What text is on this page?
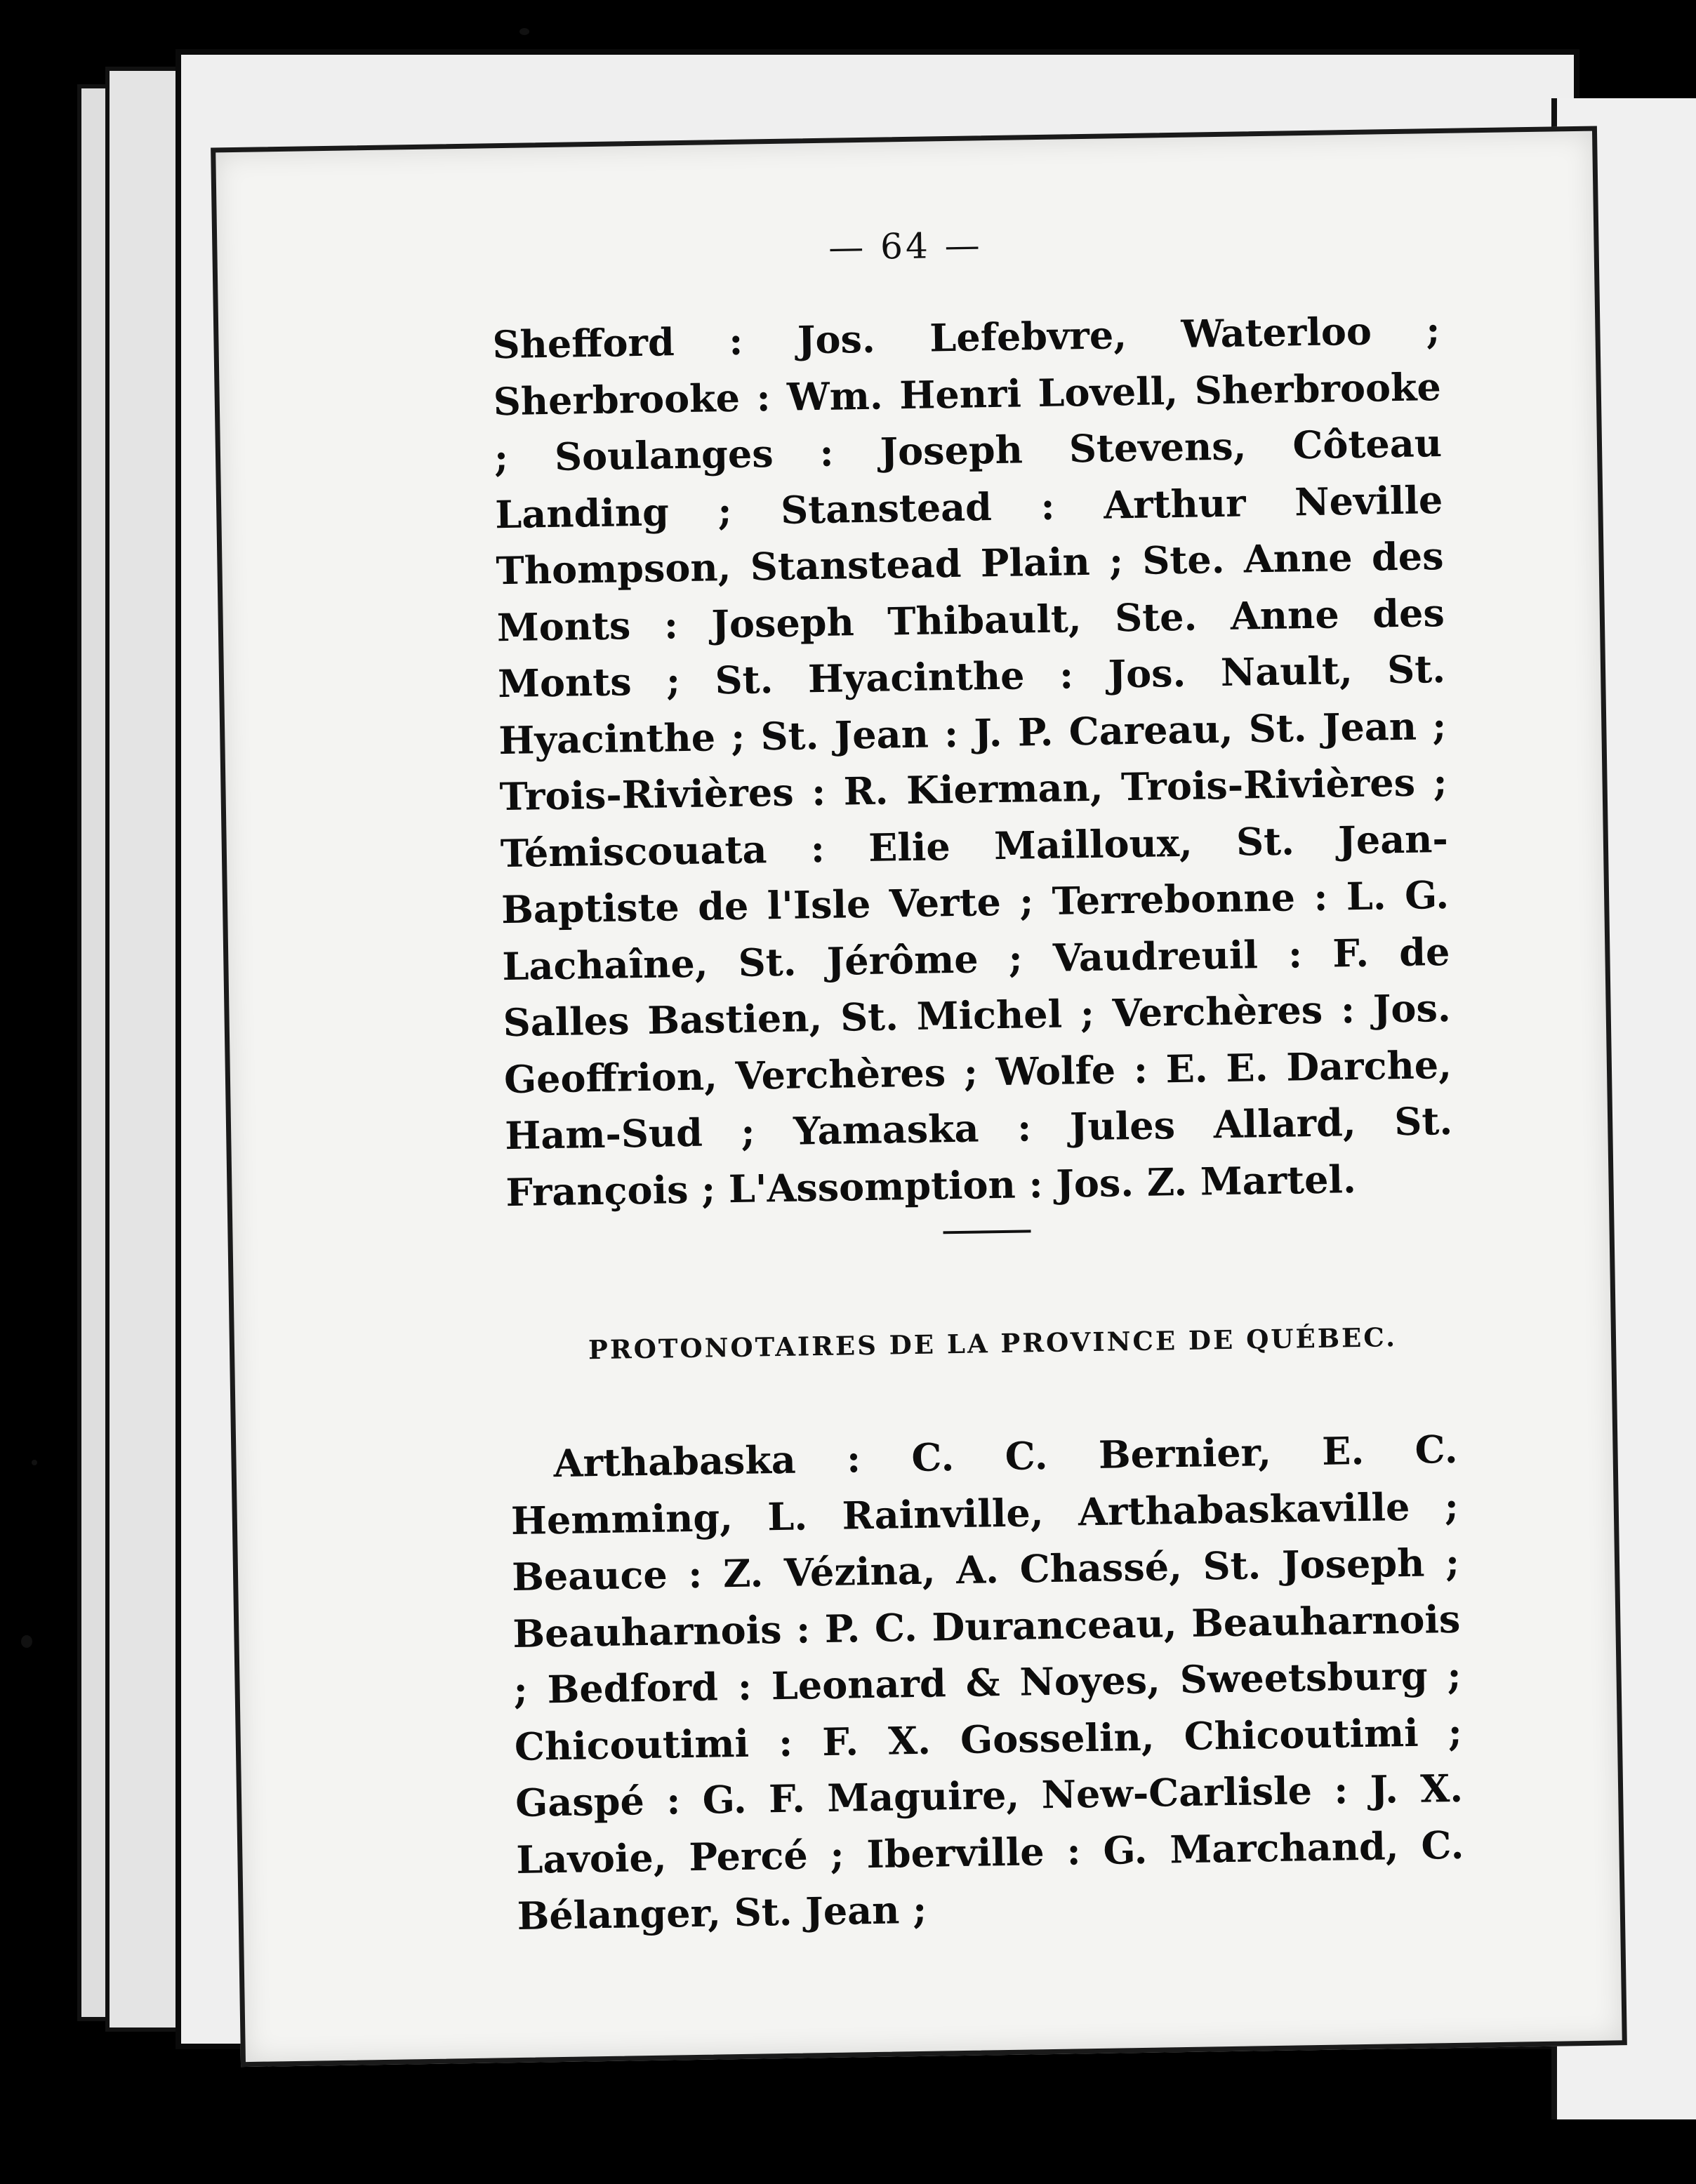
— 64 —
Shefford : Jos. Lefebvre, Waterloo ; Sherbrooke : Wm. Henri Lovell, Sherbrooke ; Soulanges : Joseph Stevens, Côteau Landing ; Stanstead : Arthur Neville Thompson, Stanstead Plain ; Ste. Anne des Monts : Joseph Thibault, Ste. Anne des Monts ; St. Hyacinthe : Jos. Nault, St. Hyacinthe ; St. Jean : J. P. Careau, St. Jean ; Trois-Rivières : R. Kierman, Trois-Rivières ; Témiscouata : Elie Mailloux, St. Jean-Baptiste de l'Isle Verte ; Terrebonne : L. G. Lachaîne, St. Jérôme ; Vaudreuil : F. de Salles Bastien, St. Michel ; Verchères : Jos. Geoffrion, Verchères ; Wolfe : E. E. Darche, Ham-Sud ; Yamaska : Jules Allard, St. François ; L'Assomption : Jos. Z. Martel.
PROTONOTAIRES DE LA PROVINCE DE QUÉBEC.
Arthabaska : C. C. Bernier, E. C. Hemming, L. Rainville, Arthabaskaville ; Beauce : Z. Vézina, A. Chassé, St. Joseph ; Beauharnois : P. C. Duranceau, Beauharnois ; Bedford : Leonard & Noyes, Sweetsburg ; Chicoutimi : F. X. Gosselin, Chicoutimi ; Gaspé : G. F. Maguire, New-Carlisle : J. X. Lavoie, Percé ; Iberville : G. Marchand, C. Bélanger, St. Jean ;
